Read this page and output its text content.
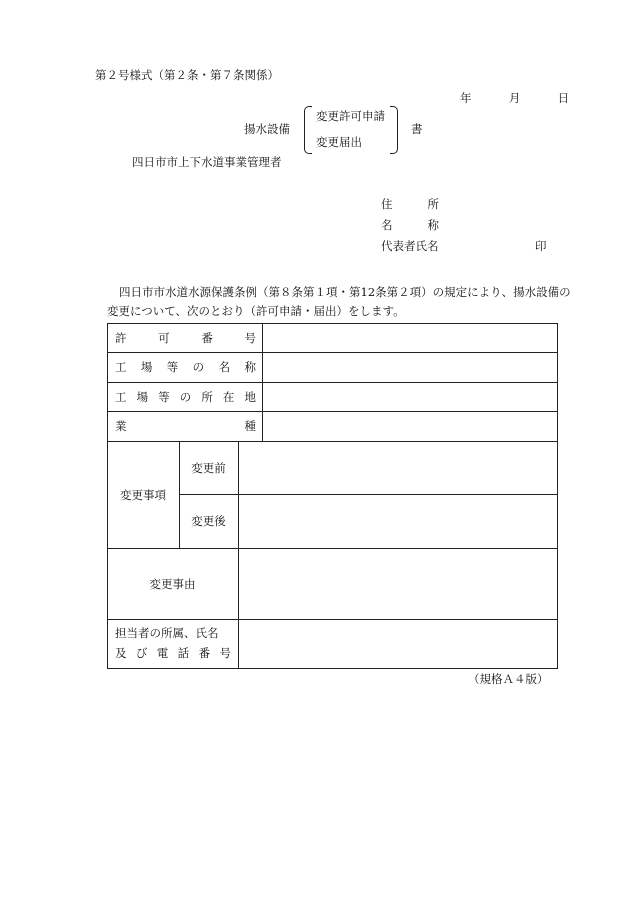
第２号様式（第２条・第７条関係）
年	月	日
揚水設備
変更許可申請
変更届出
書
四日市市上下水道事業管理者
住	所
名	称
代表者氏名	印
四日市市水道水源保護条例（第８条第１項・第12条第２項）の規定により、揚水設備の変更について、次のとおり（許可申請・届出）をします。
許	可	番	号
工 場 等 の 名 称
工 場 等 の 所 在 地
業	種
変更事項
変更前
変更後
変更事由
担当者の所属、氏名
及 び 電 話 番 号
（規格Ａ４版）
